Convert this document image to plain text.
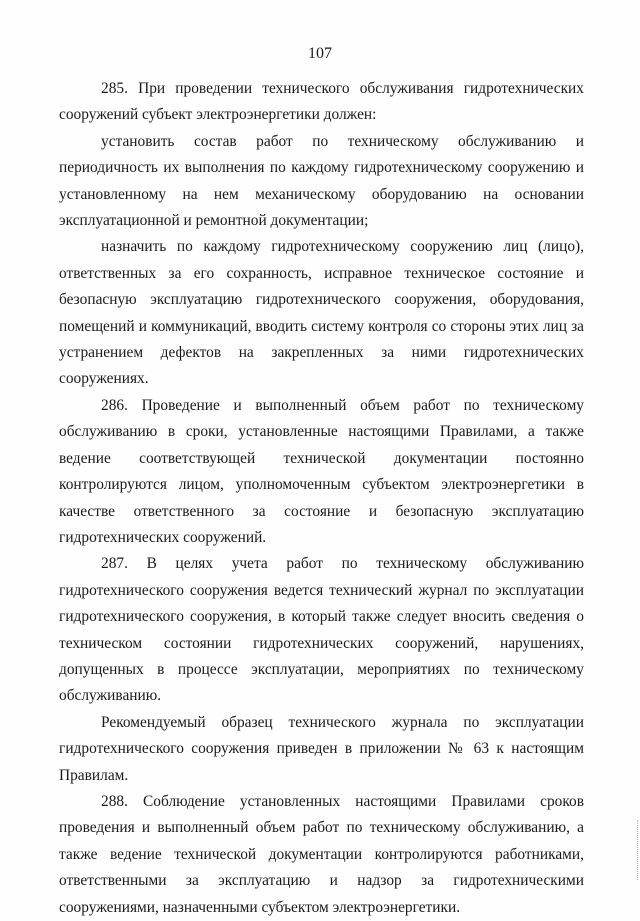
107

285. При проведении технического обслуживания гидротехнических сооружений субъект электроэнергетики должен:

установить состав работ по техническому обслуживанию и периодичность их выполнения по каждому гидротехническому сооружению и установленному на нем механическому оборудованию на основании эксплуатационной и ремонтной документации;

назначить по каждому гидротехническому сооружению лиц (лицо), ответственных за его сохранность, исправное техническое состояние и безопасную эксплуатацию гидротехнического сооружения, оборудования, помещений и коммуникаций, вводить систему контроля со стороны этих лиц за устранением дефектов на закрепленных за ними гидротехнических сооружениях.

286. Проведение и выполненный объем работ по техническому обслуживанию в сроки, установленные настоящими Правилами, а также ведение соответствующей технической документации постоянно контролируются лицом, уполномоченным субъектом электроэнергетики в качестве ответственного за состояние и безопасную эксплуатацию гидротехнических сооружений.

287. В целях учета работ по техническому обслуживанию гидротехнического сооружения ведется технический журнал по эксплуатации гидротехнического сооружения, в который также следует вносить сведения о техническом состоянии гидротехнических сооружений, нарушениях, допущенных в процессе эксплуатации, мероприятиях по техническому обслуживанию.

Рекомендуемый образец технического журнала по эксплуатации гидротехнического сооружения приведен в приложении № 63 к настоящим Правилам.

288. Соблюдение установленных настоящими Правилами сроков проведения и выполненный объем работ по техническому обслуживанию, а также ведение технической документации контролируются работниками, ответственными за эксплуатацию и надзор за гидротехническими сооружениями, назначенными субъектом электроэнергетики.
